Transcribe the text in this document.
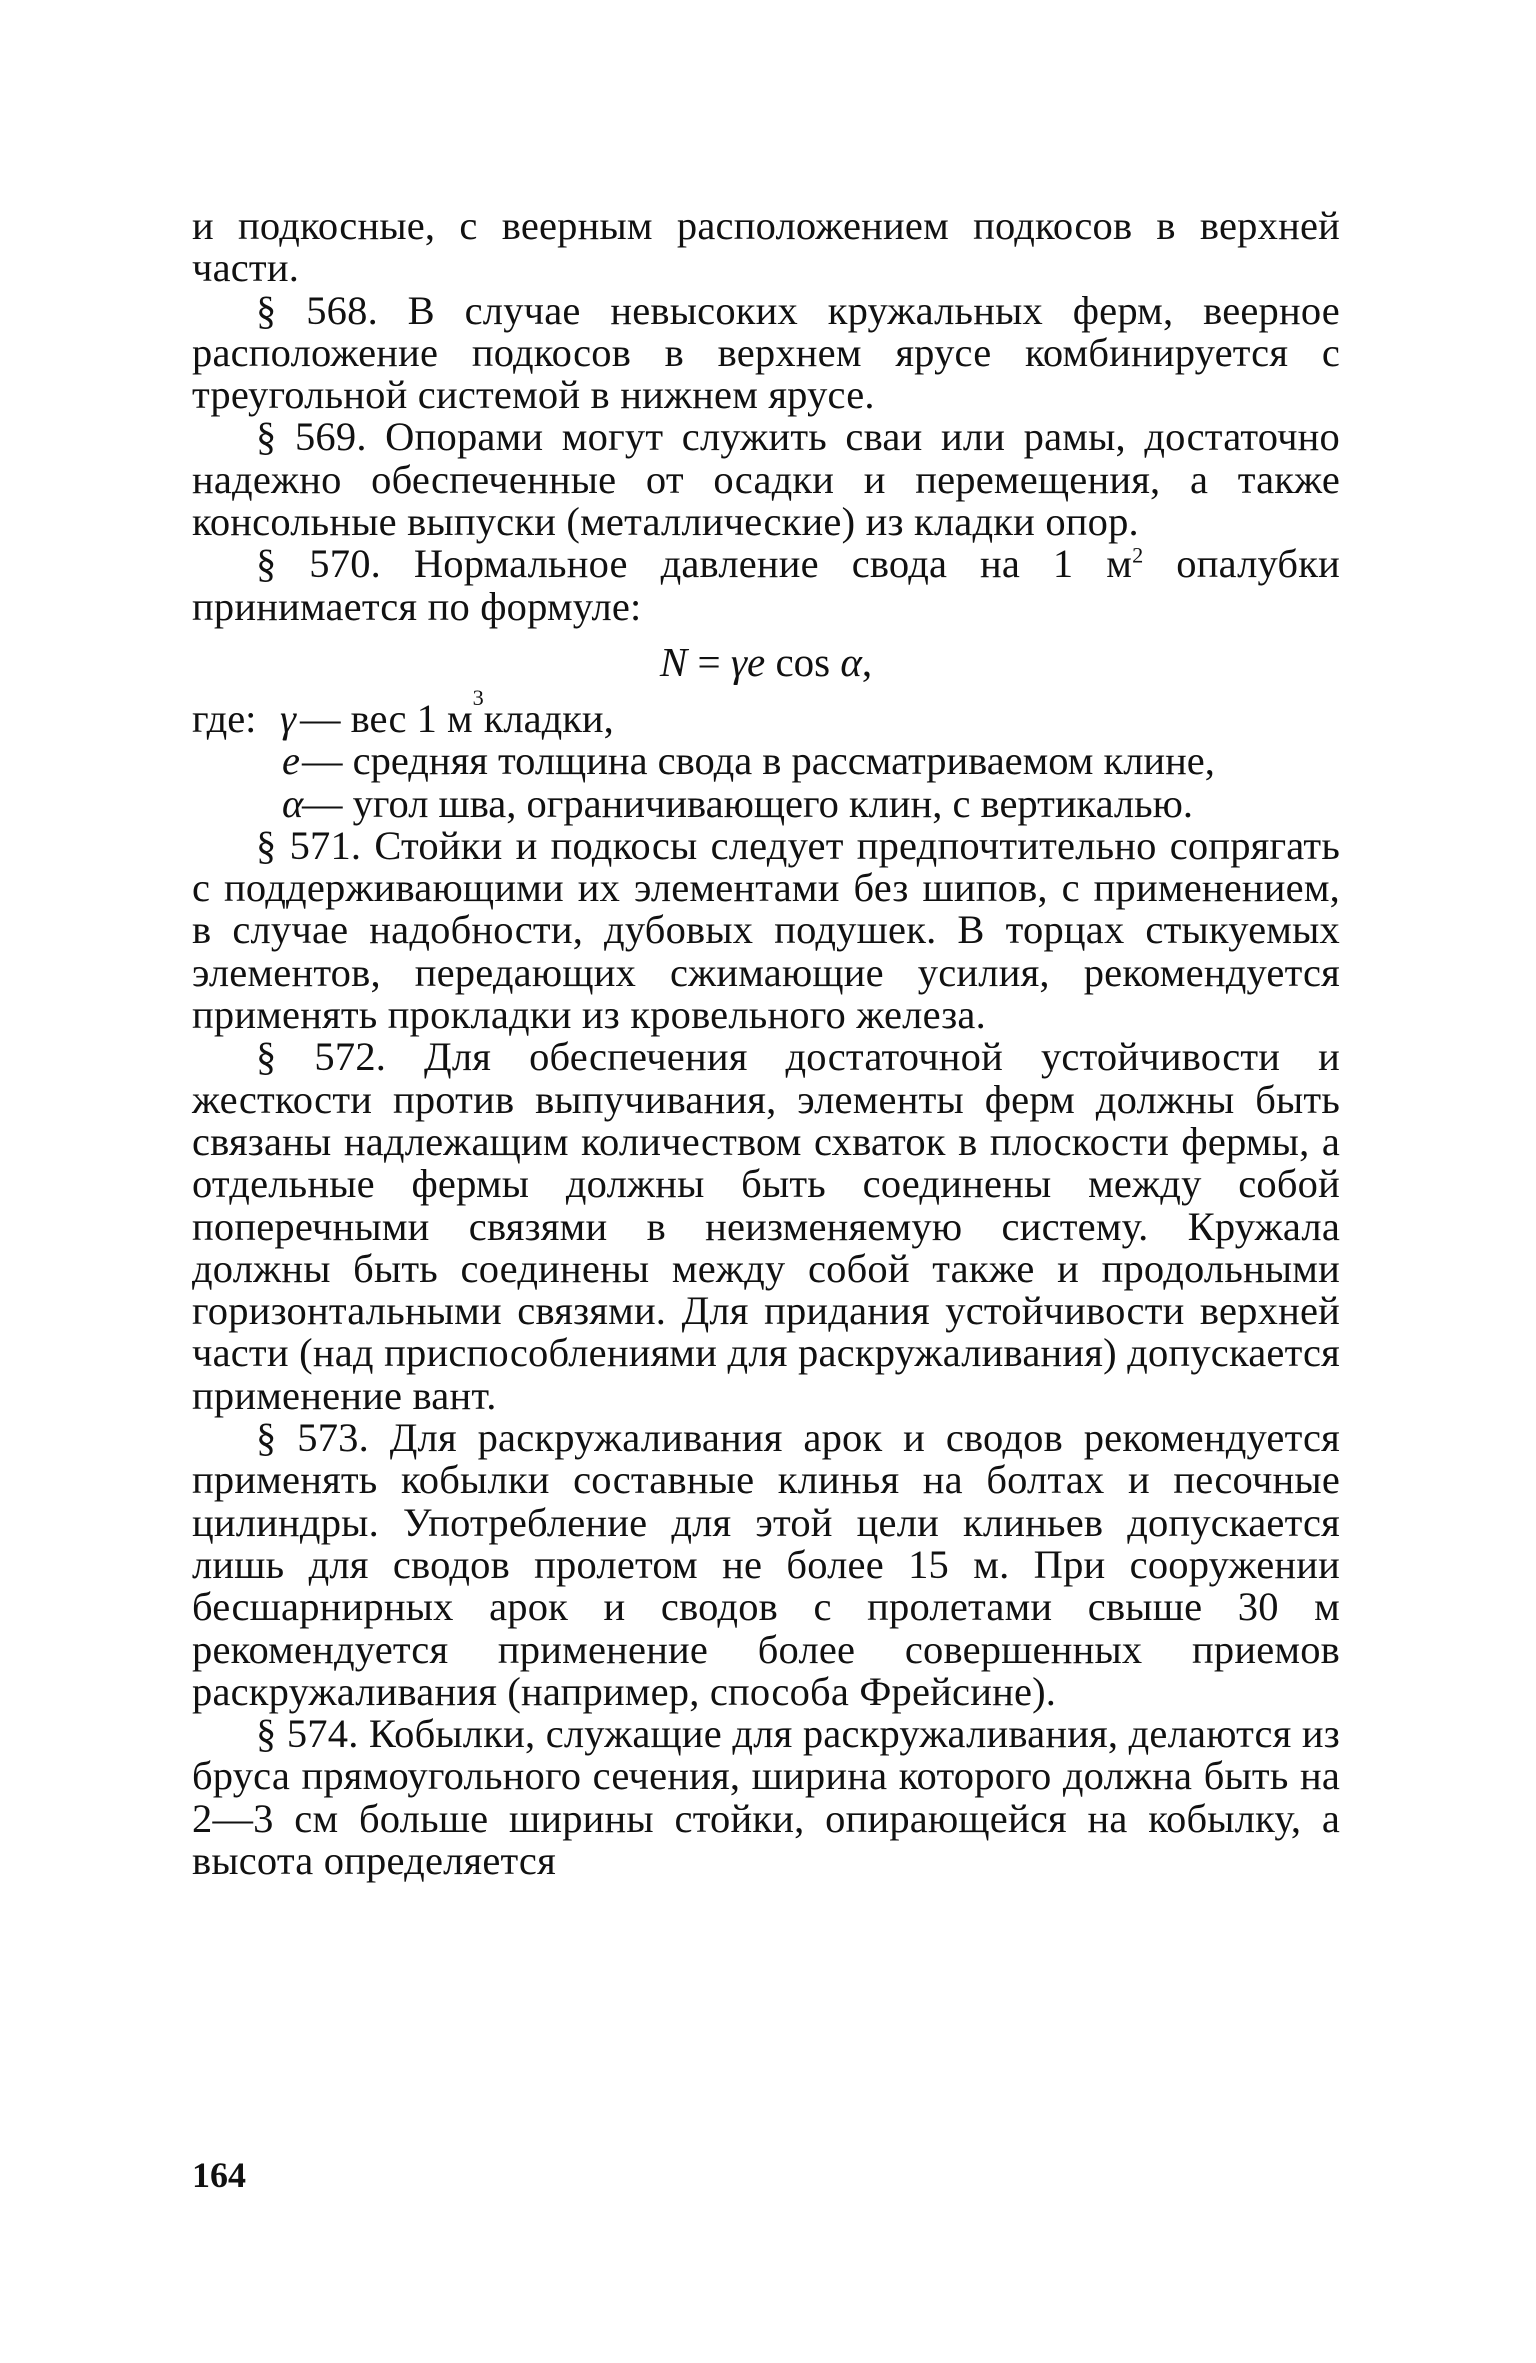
и подкосные, с веерным расположением подкосов в верхней части.

§ 568. В случае невысоких кружальных ферм, веерное расположение подкосов в верхнем ярусе комбинируется с треугольной системой в нижнем ярусе.

§ 569. Опорами могут служить сваи или рамы, достаточно надежно обеспеченные от осадки и перемещения, а также консольные выпуски (металлические) из кладки опор.

§ 570. Нормальное давление свода на 1 $м^2$ опалубки принимается по формуле:

N = γe cos α,
где: γ — вес 1 м 3 кладки,
e — средняя толщина свода в рассматриваемом клине,
α
— угол шва, ограничивающего клин, с вертикалью.

§ 571. Стойки и подкосы следует предпочтительно сопрягать с поддерживающими их элементами без шипов, с применением, в случае надобности, дубовых подушек. В торцах стыкуемых элементов, передающих сжимающие усилия, рекомендуется применять прокладки из кровельного железа.

§ 572. Для обеспечения достаточной устойчивости и жесткости против выпучивания, элементы ферм должны быть связаны надлежащим количеством схваток в плоскости фермы, а отдельные фермы должны быть соединены между собой поперечными связями в неизменяемую систему. Кружала должны быть соединены между собой также и продольными горизонтальными связями. Для придания устойчивости верхней части (над приспособлениями для раскружаливания) допускается применение вант.

§ 573. Для раскружаливания арок и сводов рекомендуется применять кобылки составные клинья на болтах и песочные цилиндры. Употребление для этой цели клиньев допускается лишь для сводов пролетом не более 15 м. При сооружении бесшарнирных арок и сводов с пролетами свыше 30 м рекомендуется применение более совершенных приемов раскружаливания (например, способа Фрейсине).

§ 574. Кобылки, служащие для раскружаливания, делаются из бруса прямоугольного сечения, ширина которого должна быть на 2—3 см больше ширины стойки, опирающейся на кобылку, а высота определяется

164
